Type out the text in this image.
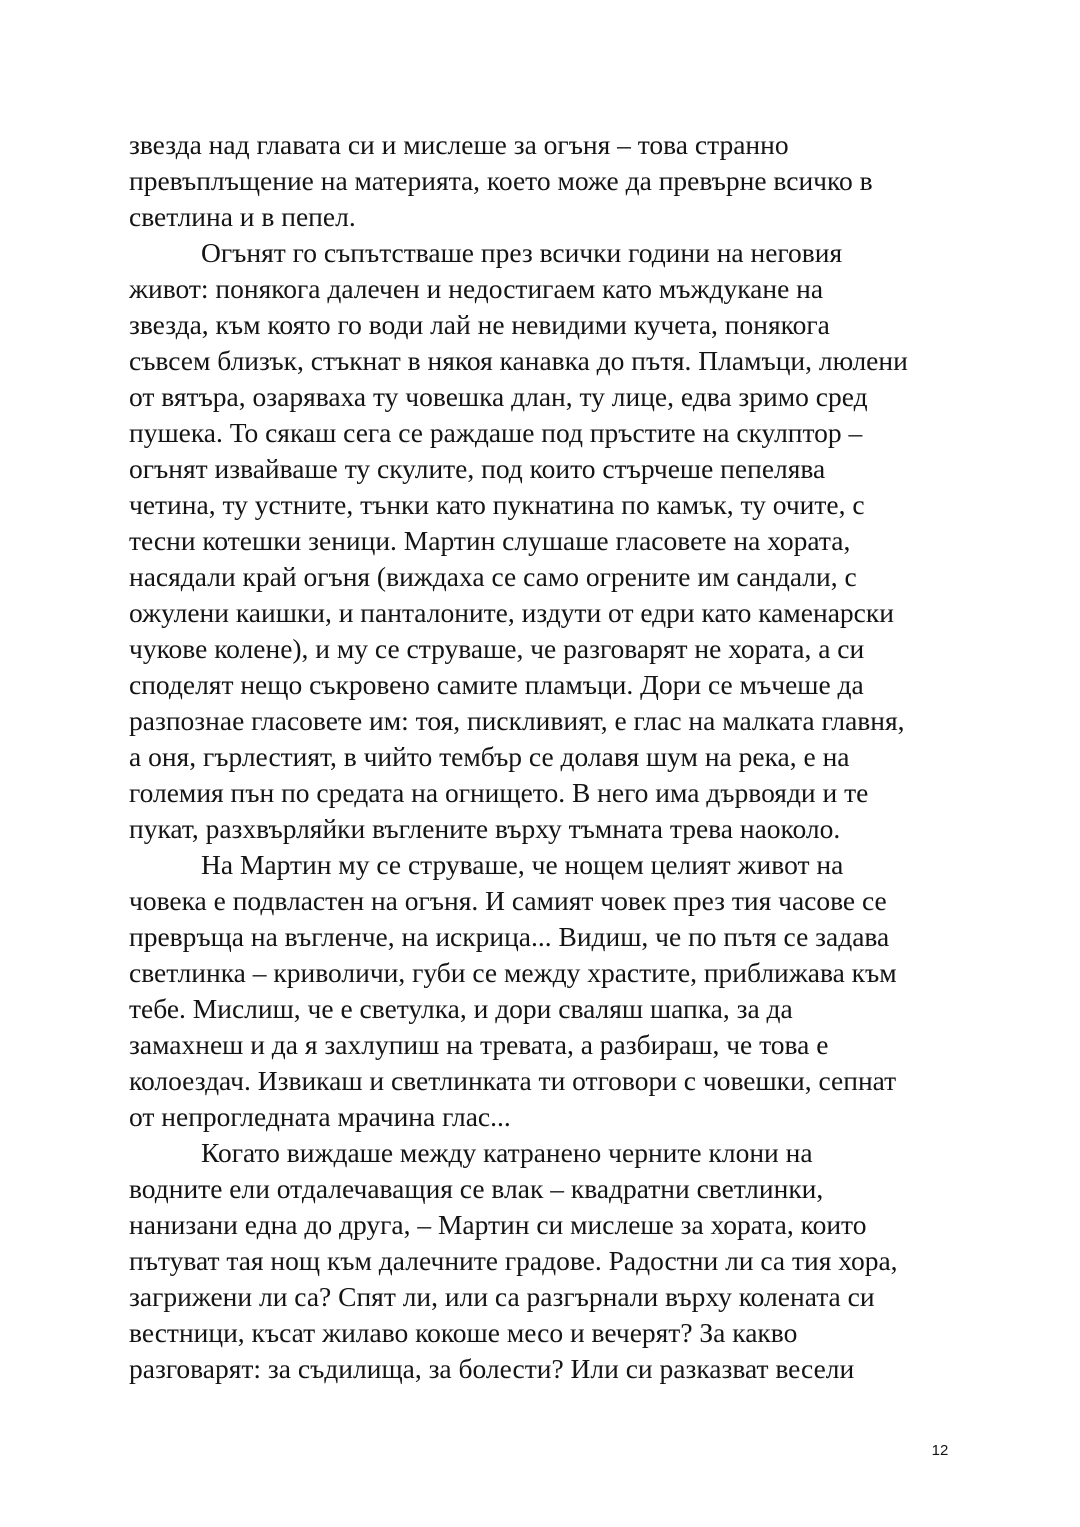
звезда над главата си и мислеше за огъня – това странно
превъплъщение на материята, което може да превърне всичко в
светлина и в пепел.
Огънят го съпътстваше през всички години на неговия
живот: понякога далечен и недостигаем като мъждукане на
звезда, към която го води лай не невидими кучета, понякога
съвсем близък, стъкнат в някоя канавка до пътя. Пламъци, люлени
от вятъра, озаряваха ту човешка длан, ту лице, едва зримо сред
пушека. То сякаш сега се раждаше под пръстите на скулптор –
огънят извайваше ту скулите, под които стърчеше пепелява
четина, ту устните, тънки като пукнатина по камък, ту очите, с
тесни котешки зеници. Мартин слушаше гласовете на хората,
насядали край огъня (виждаха се само огрените им сандали, с
ожулени каишки, и панталоните, издути от едри като каменарски
чукове колене), и му се струваше, че разговарят не хората, а си
споделят нещо съкровено самите пламъци. Дори се мъчеше да
разпознае гласовете им: тоя, пискливият, е глас на малката главня,
а оня, гърлестият, в чийто тембър се долавя шум на река, е на
големия пън по средата на огнището. В него има дървояди и те
пукат, разхвърляйки въглените върху тъмната трева наоколо.
На Мартин му се струваше, че нощем целият живот на
човека е подвластен на огъня. И самият човек през тия часове се
превръща на въгленче, на искрица... Видиш, че по пътя се задава
светлинка – криволичи, губи се между храстите, приближава към
тебе. Мислиш, че е светулка, и дори сваляш шапка, за да
замахнеш и да я захлупиш на тревата, а разбираш, че това е
колоездач. Извикаш и светлинката ти отговори с човешки, сепнат
от непрогледната мрачина глас...
Когато виждаше между катранено черните клони на
водните ели отдалечаващия се влак – квадратни светлинки,
нанизани една до друга, – Мартин си мислеше за хората, които
пътуват тая нощ към далечните градове. Радостни ли са тия хора,
загрижени ли са? Спят ли, или са разгърнали върху колената си
вестници, късат жилаво кокоше месо и вечерят? За какво
разговарят: за съдилища, за болести? Или си разказват весели
12
